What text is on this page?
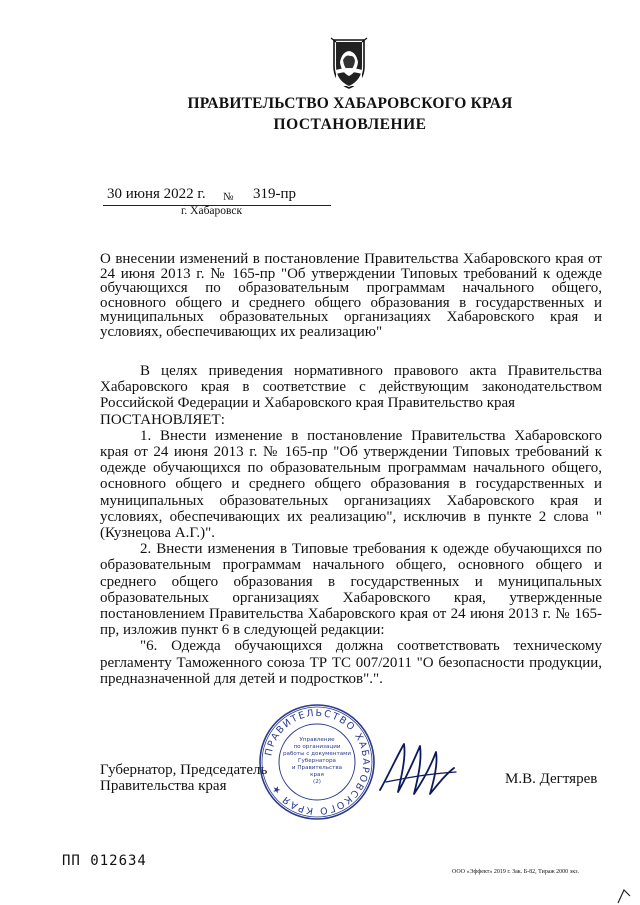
ПРАВИТЕЛЬСТВО ХАБАРОВСКОГО КРАЯ
ПОСТАНОВЛЕНИЕ
30 июня 2022 г. № 319-пр
г. Хабаровск
О внесении изменений в постановление Правительства Хабаровского края от 24 июня 2013 г. № 165-пр "Об утверждении Типовых требований к одежде обучающихся по образовательным программам начального общего, основного общего и среднего общего образования в государственных и муниципальных образовательных организациях Хабаровского края и условиях, обеспечивающих их реализацию"

В целях приведения нормативного правового акта Правительства Хабаровского края в соответствие с действующим законодательством Российской Федерации и Хабаровского края Правительство края

ПОСТАНОВЛЯЕТ:

1. Внести изменение в постановление Правительства Хабаровского края от 24 июня 2013 г. № 165-пр "Об утверждении Типовых требований к одежде обучающихся по образовательным программам начального общего, основного общего и среднего общего образования в государственных и муниципальных образовательных организациях Хабаровского края и условиях, обеспечивающих их реализацию", исключив в пункте 2 слова "(Кузнецова А.Г.)".

2. Внести изменения в Типовые требования к одежде обучающихся по образовательным программам начального общего, основного общего и среднего общего образования в государственных и муниципальных образовательных организациях Хабаровского края, утвержденные постановлением Правительства Хабаровского края от 24 июня 2013 г. № 165-пр, изложив пункт 6 в следующей редакции:

"6. Одежда обучающихся должна соответствовать техническому регламенту Таможенного союза ТР ТС 007/2011 "О безопасности продукции, предназначенной для детей и подростков".".

Губернатор, Председатель
Правительства края	М.В. Дегтярев
ПРАВИТЕЛЬСТВО ХАБАРОВСКОГО КРАЯ ★
Управление
по организации
работы с документами
Губернатора
и Правительства
края
(2)
ПП 012634
ООО «Эффект» 2019 г. Зак. Б-82, Тираж 2000 экз.
